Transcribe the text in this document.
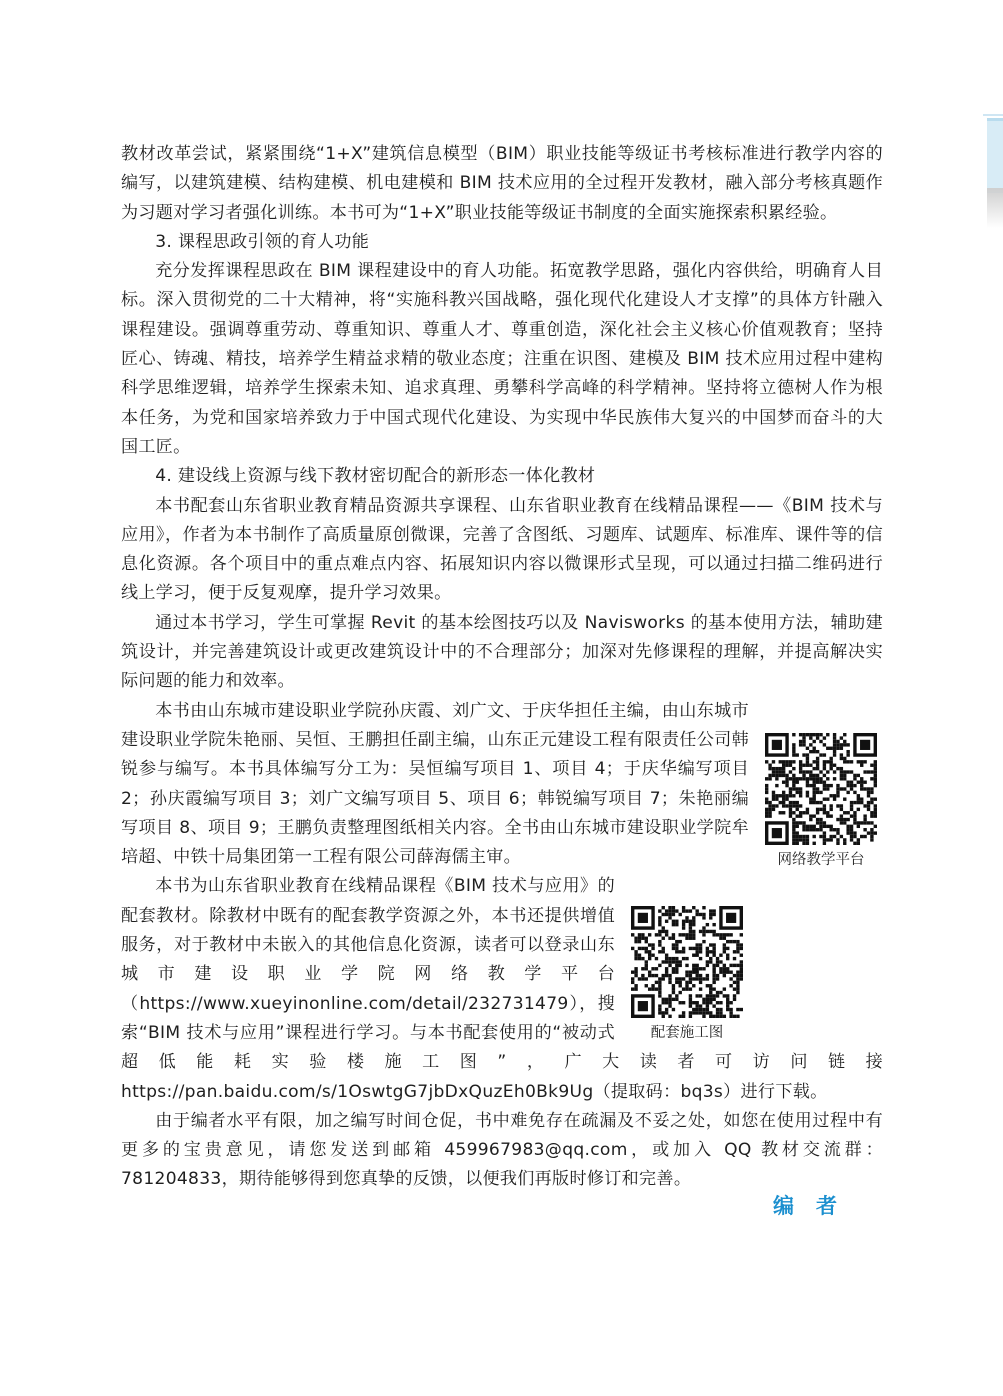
教材改革尝试，紧紧围绕“1+X”建筑信息模型（BIM）职业技能等级证书考核标准进行教学内容的编写，以建筑建模、结构建模、机电建模和 BIM 技术应用的全过程开发教材，融入部分考核真题作为习题对学习者强化训练。本书可为“1+X”职业技能等级证书制度的全面实施探索积累经验。

3. 课程思政引领的育人功能

充分发挥课程思政在 BIM 课程建设中的育人功能。拓宽教学思路，强化内容供给，明确育人目标。深入贯彻党的二十大精神，将“实施科教兴国战略，强化现代化建设人才支撑”的具体方针融入课程建设。强调尊重劳动、尊重知识、尊重人才、尊重创造，深化社会主义核心价值观教育；坚持匠心、铸魂、精技，培养学生精益求精的敬业态度；注重在识图、建模及 BIM 技术应用过程中建构科学思维逻辑，培养学生探索未知、追求真理、勇攀科学高峰的科学精神。坚持将立德树人作为根本任务，为党和国家培养致力于中国式现代化建设、为实现中华民族伟大复兴的中国梦而奋斗的大国工匠。

4. 建设线上资源与线下教材密切配合的新形态一体化教材

本书配套山东省职业教育精品资源共享课程、山东省职业教育在线精品课程——《BIM 技术与应用》，作者为本书制作了高质量原创微课，完善了含图纸、习题库、试题库、标准库、课件等的信息化资源。各个项目中的重点难点内容、拓展知识内容以微课形式呈现，可以通过扫描二维码进行线上学习，便于反复观摩，提升学习效果。

通过本书学习，学生可掌握 Revit 的基本绘图技巧以及 Navisworks 的基本使用方法，辅助建筑设计，并完善建筑设计或更改建筑设计中的不合理部分；加深对先修课程的理解，并提高解决实际问题的能力和效率。

网络教学平台

本书由山东城市建设职业学院孙庆霞、刘广文、于庆华担任主编，由山东城市建设职业学院朱艳丽、吴恒、王鹏担任副主编，山东正元建设工程有限责任公司韩锐参与编写。本书具体编写分工为：吴恒编写项目 1、项目 4；于庆华编写项目 2；孙庆霞编写项目 3；刘广文编写项目 5、项目 6；韩锐编写项目 7；朱艳丽编写项目 8、项目 9；王鹏负责整理图纸相关内容。全书由山东城市建设职业学院牟培超、中铁十局集团第一工程有限公司薛海儒主审。

配套施工图

本书为山东省职业教育在线精品课程《BIM 技术与应用》的配套教材。除教材中既有的配套教学资源之外，本书还提供增值服务，对于教材中未嵌入的其他信息化资源，读者可以登录山东城市建设职业学院网络教学平台（https://www.xueyinonline.com/detail/232731479），搜索“BIM 技术与应用”课程进行学习。与本书配套使用的“被动式超低能耗实验楼施工图”，广大读者可访问链接 https://pan.baidu.com/s/1OswtgG7jbDxQuzEh0Bk9Ug（提取码：bq3s）进行下载。

由于编者水平有限，加之编写时间仓促，书中难免存在疏漏及不妥之处，如您在使用过程中有更多的宝贵意见，请您发送到邮箱 459967983@qq.com，或加入 QQ 教材交流群：781204833，期待能够得到您真挚的反馈，以便我们再版时修订和完善。

编者
